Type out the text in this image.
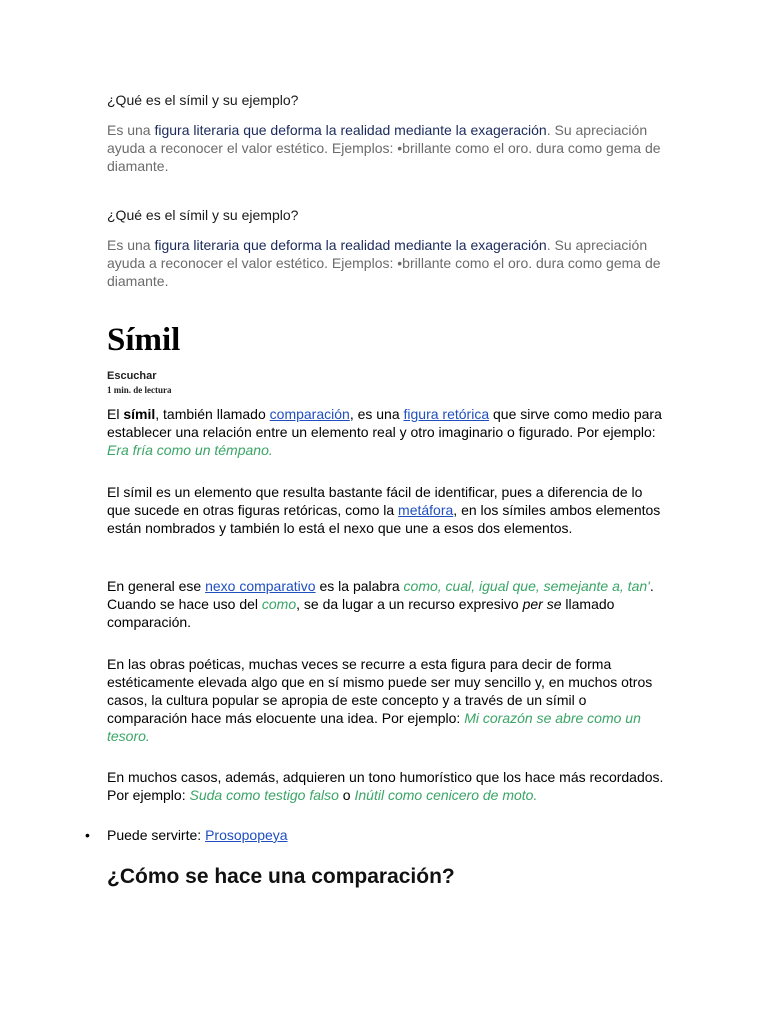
¿Qué es el símil y su ejemplo?
Es una figura literaria que deforma la realidad mediante la exageración. Su apreciación ayuda a reconocer el valor estético. Ejemplos: •brillante como el oro. dura como gema de diamante.
¿Qué es el símil y su ejemplo?
Es una figura literaria que deforma la realidad mediante la exageración. Su apreciación ayuda a reconocer el valor estético. Ejemplos: •brillante como el oro. dura como gema de diamante.
Símil
Escuchar
1 min. de lectura
El símil, también llamado comparación, es una figura retórica que sirve como medio para establecer una relación entre un elemento real y otro imaginario o figurado. Por ejemplo: Era fría como un témpano.
El símil es un elemento que resulta bastante fácil de identificar, pues a diferencia de lo que sucede en otras figuras retóricas, como la metáfora, en los símiles ambos elementos están nombrados y también lo está el nexo que une a esos dos elementos.
En general ese nexo comparativo es la palabra como, cual, igual que, semejante a, tan'. Cuando se hace uso del como, se da lugar a un recurso expresivo per se llamado comparación.
En las obras poéticas, muchas veces se recurre a esta figura para decir de forma estéticamente elevada algo que en sí mismo puede ser muy sencillo y, en muchos otros casos, la cultura popular se apropia de este concepto y a través de un símil o comparación hace más elocuente una idea. Por ejemplo: Mi corazón se abre como un tesoro.
En muchos casos, además, adquieren un tono humorístico que los hace más recordados. Por ejemplo: Suda como testigo falso o Inútil como cenicero de moto.
• Puede servirte: Prosopopeya
¿Cómo se hace una comparación?
